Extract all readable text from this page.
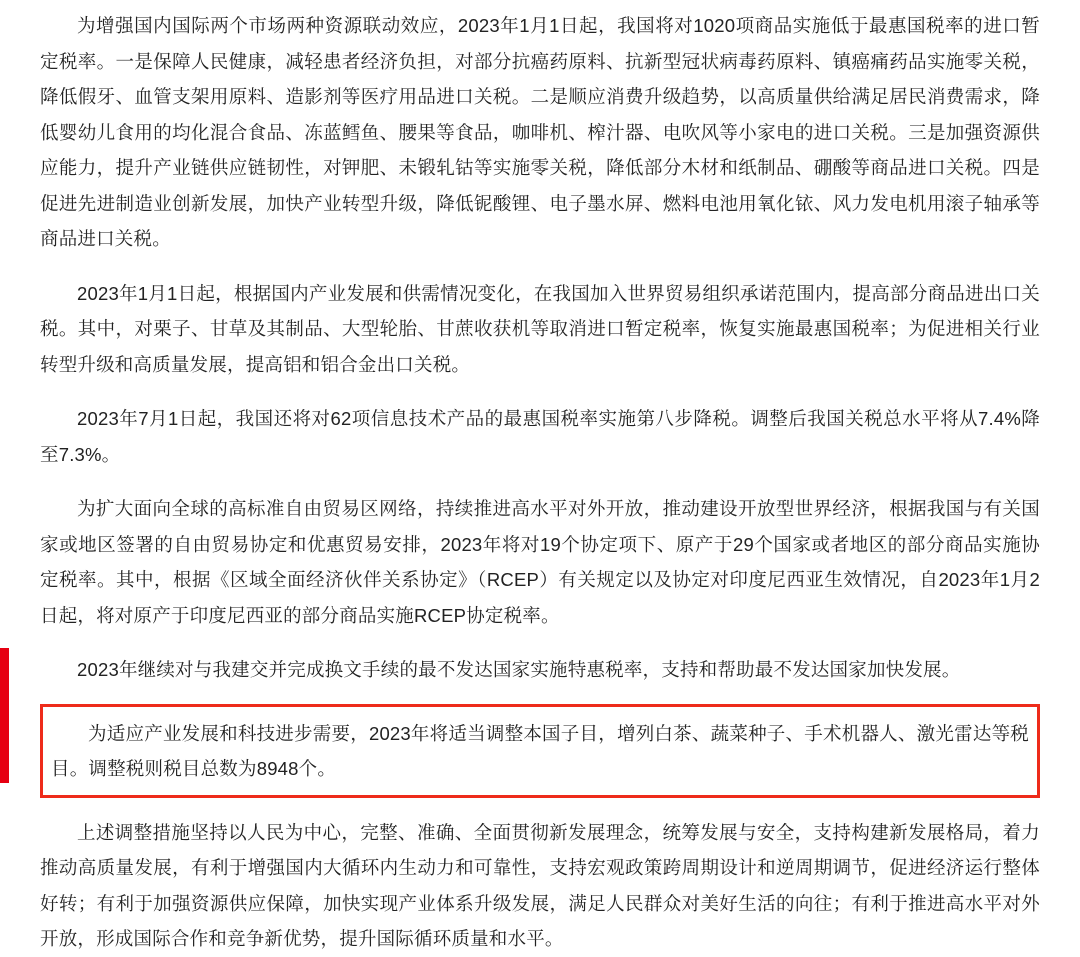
为增强国内国际两个市场两种资源联动效应，2023年1月1日起，我国将对1020项商品实施低于最惠国税率的进口暂定税率。一是保障人民健康，减轻患者经济负担，对部分抗癌药原料、抗新型冠状病毒药原料、镇癌痛药品实施零关税，降低假牙、血管支架用原料、造影剂等医疗用品进口关税。二是顺应消费升级趋势，以高质量供给满足居民消费需求，降低婴幼儿食用的均化混合食品、冻蓝鳕鱼、腰果等食品，咖啡机、榨汁器、电吹风等小家电的进口关税。三是加强资源供应能力，提升产业链供应链韧性，对钾肥、未锻轧钴等实施零关税，降低部分木材和纸制品、硼酸等商品进口关税。四是促进先进制造业创新发展，加快产业转型升级，降低铌酸锂、电子墨水屏、燃料电池用氧化铱、风力发电机用滚子轴承等商品进口关税。

2023年1月1日起，根据国内产业发展和供需情况变化，在我国加入世界贸易组织承诺范围内，提高部分商品进出口关税。其中，对栗子、甘草及其制品、大型轮胎、甘蔗收获机等取消进口暂定税率，恢复实施最惠国税率；为促进相关行业转型升级和高质量发展，提高铝和铝合金出口关税。

2023年7月1日起，我国还将对62项信息技术产品的最惠国税率实施第八步降税。调整后我国关税总水平将从7.4%降至7.3%。

为扩大面向全球的高标准自由贸易区网络，持续推进高水平对外开放，推动建设开放型世界经济，根据我国与有关国家或地区签署的自由贸易协定和优惠贸易安排，2023年将对19个协定项下、原产于29个国家或者地区的部分商品实施协定税率。其中，根据《区域全面经济伙伴关系协定》（RCEP）有关规定以及协定对印度尼西亚生效情况，自2023年1月2日起，将对原产于印度尼西亚的部分商品实施RCEP协定税率。

2023年继续对与我建交并完成换文手续的最不发达国家实施特惠税率，支持和帮助最不发达国家加快发展。

为适应产业发展和科技进步需要，2023年将适当调整本国子目，增列白茶、蔬菜种子、手术机器人、激光雷达等税目。调整税则税目总数为8948个。

上述调整措施坚持以人民为中心，完整、准确、全面贯彻新发展理念，统筹发展与安全，支持构建新发展格局，着力推动高质量发展，有利于增强国内大循环内生动力和可靠性，支持宏观政策跨周期设计和逆周期调节，促进经济运行整体好转；有利于加强资源供应保障，加快实现产业体系升级发展，满足人民群众对美好生活的向往；有利于推进高水平对外开放，形成国际合作和竞争新优势，提升国际循环质量和水平。
